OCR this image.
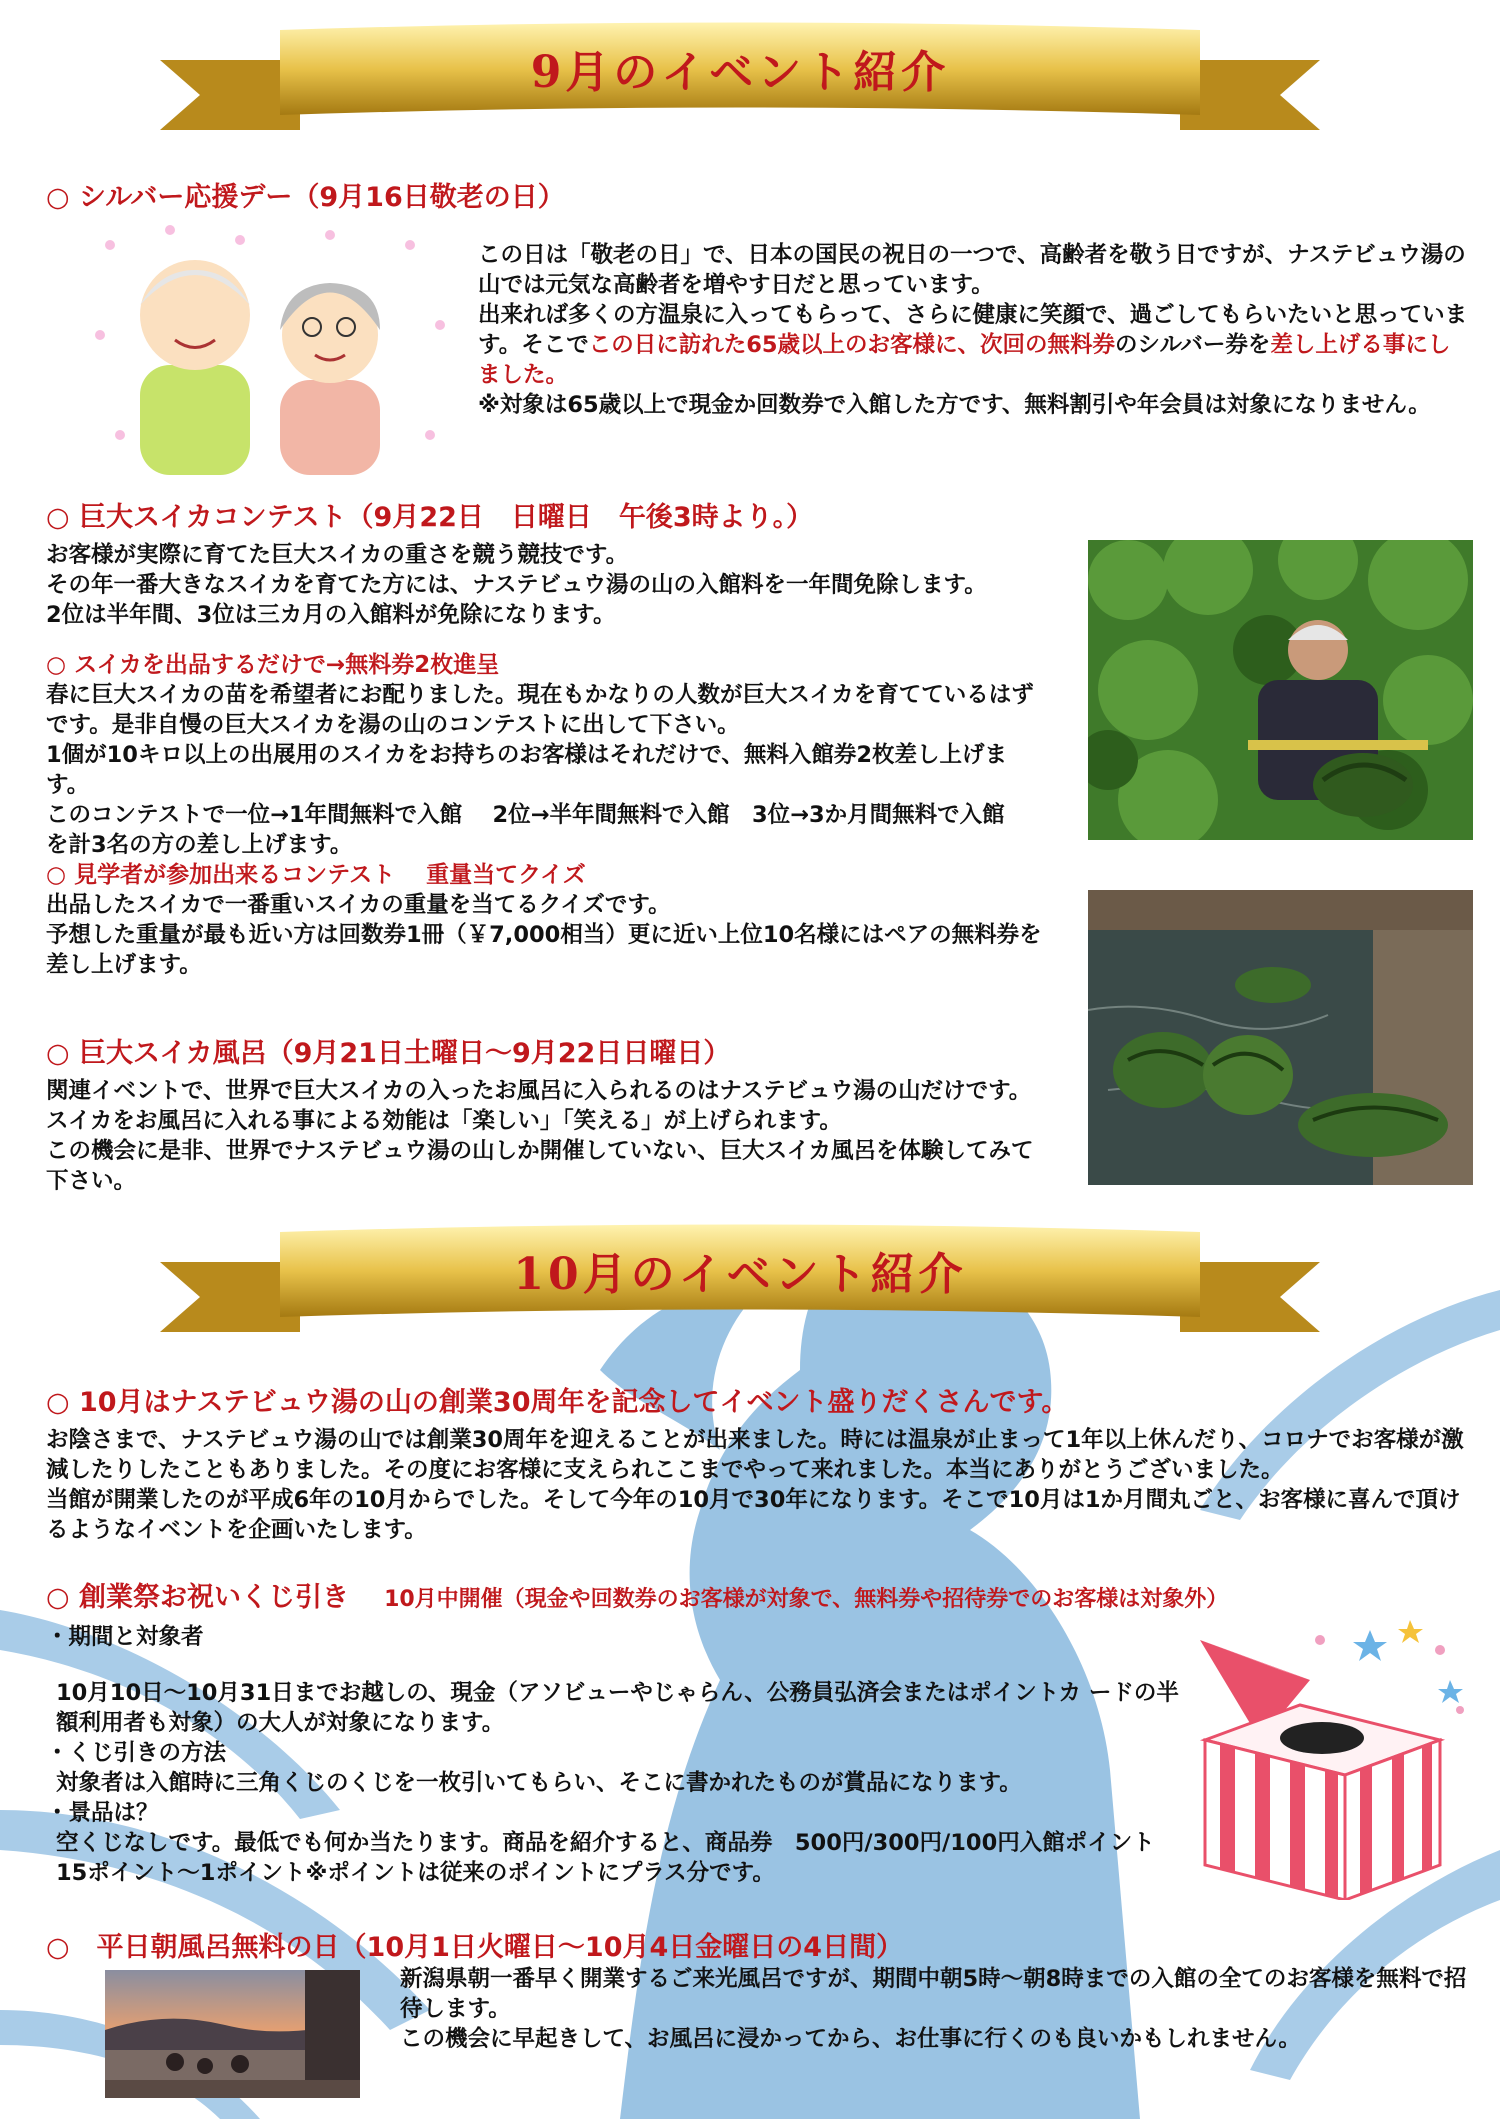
9月のイベント紹介
○ シルバー応援デー（9月16日敬老の日）

この日は「敬老の日」で、日本の国民の祝日の一つで、高齢者を敬う日ですが、ナステビュウ湯の山では元気な高齢者を増やす日だと思っています。

出来れば多くの方温泉に入ってもらって、さらに健康に笑顔で、過ごしてもらいたいと思っています。そこでこの日に訪れた65歳以上のお客様に、次回の無料券のシルバー券を差し上げる事にしました。

※対象は65歳以上で現金か回数券で入館した方です、無料割引や年会員は対象になりません。

○ 巨大スイカコンテスト（9月22日　日曜日　午後3時より。）

お客様が実際に育てた巨大スイカの重さを競う競技です。

その年一番大きなスイカを育てた方には、ナステビュウ湯の山の入館料を一年間免除します。

2位は半年間、3位は三カ月の入館料が免除になります。

○ スイカを出品するだけで→無料券2枚進呈

春に巨大スイカの苗を希望者にお配りました。現在もかなりの人数が巨大スイカを育てているはずです。是非自慢の巨大スイカを湯の山のコンテストに出して下さい。

1個が10キロ以上の出展用のスイカをお持ちのお客様はそれだけで、無料入館券2枚差し上げます。

このコンテストで一位→1年間無料で入館　 2位→半年間無料で入館　3位→3か月間無料で入館　を計3名の方の差し上げます。

○ 見学者が参加出来るコンテスト　 重量当てクイズ

出品したスイカで一番重いスイカの重量を当てるクイズです。

予想した重量が最も近い方は回数券1冊（￥7,000相当）更に近い上位10名様にはペアの無料券を差し上げます。

○ 巨大スイカ風呂（9月21日土曜日～9月22日日曜日）

関連イベントで、世界で巨大スイカの入ったお風呂に入られるのはナステビュウ湯の山だけです。スイカをお風呂に入れる事による効能は「楽しい」「笑える」が上げられます。

この機会に是非、世界でナステビュウ湯の山しか開催していない、巨大スイカ風呂を体験してみて下さい。

10月のイベント紹介
○ 10月はナステビュウ湯の山の創業30周年を記念してイベント盛りだくさんです。

お陰さまで、ナステビュウ湯の山では創業30周年を迎えることが出来ました。時には温泉が止まって1年以上休んだり、コロナでお客様が激減したりしたこともありました。その度にお客様に支えられここまでやって来れました。本当にありがとうございました。

当館が開業したのが平成6年の10月からでした。そして今年の10月で30年になります。そこで10月は1か月間丸ごと、お客様に喜んで頂けるようなイベントを企画いたします。

○ 創業祭お祝いくじ引き 10月中開催（現金や回数券のお客様が対象で、無料券や招待券でのお客様は対象外）

・期間と対象者

10月10日～10月31日までお越しの、現金（アソビューやじゃらん、公務員弘済会またはポイントカ ードの半額利用者も対象）の大人が対象になります。

・くじ引きの方法

対象者は入館時に三角くじのくじを一枚引いてもらい、そこに書かれたものが賞品になります。

・景品は？

空くじなしです。最低でも何か当たります。商品を紹介すると、商品券　500円/300円/100円入館ポイント15ポイント～1ポイント※ポイントは従来のポイントにプラス分です。

○　平日朝風呂無料の日（10月1日火曜日～10月4日金曜日の4日間）

新潟県朝一番早く開業するご来光風呂ですが、期間中朝5時～朝8時までの入館の全てのお客様を無料で招待します。

この機会に早起きして、お風呂に浸かってから、お仕事に行くのも良いかもしれません。
